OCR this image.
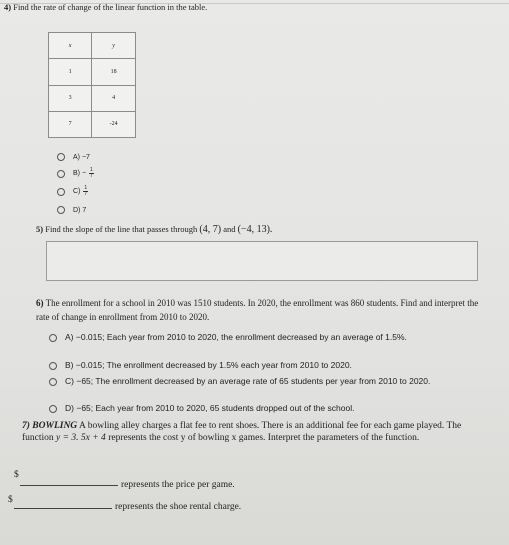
4) Find the rate of change of the linear function in the table.
x	y
1	18
3	4
7	-24
A)
−7
B)
− $\frac{1}{7}$
$C) \frac{1}{7}$
D)
7
5) Find the slope of the line that passes through (4, 7) and (−4, 13).
6) The enrollment for a school in 2010 was 1510 students. In 2020, the enrollment was 860 students. Find and interpret the rate of change in enrollment from 2010 to 2020.
A) −0.015; Each year from 2010 to 2020, the enrollment decreased by an average of 1.5%.
B) −0.015; The enrollment decreased by 1.5% each year from 2010 to 2020.
C) −65; The enrollment decreased by an average rate of 65 students per year from 2010 to 2020.
D) −65; Each year from 2010 to 2020, 65 students dropped out of the school.
7) BOWLING A bowling alley charges a flat fee to rent shoes. There is an additional fee for each game played. The function y = 3. 5x + 4 represents the cost y of bowling x games. Interpret the parameters of the function.
$
represents the price per game.
$
represents the shoe rental charge.
